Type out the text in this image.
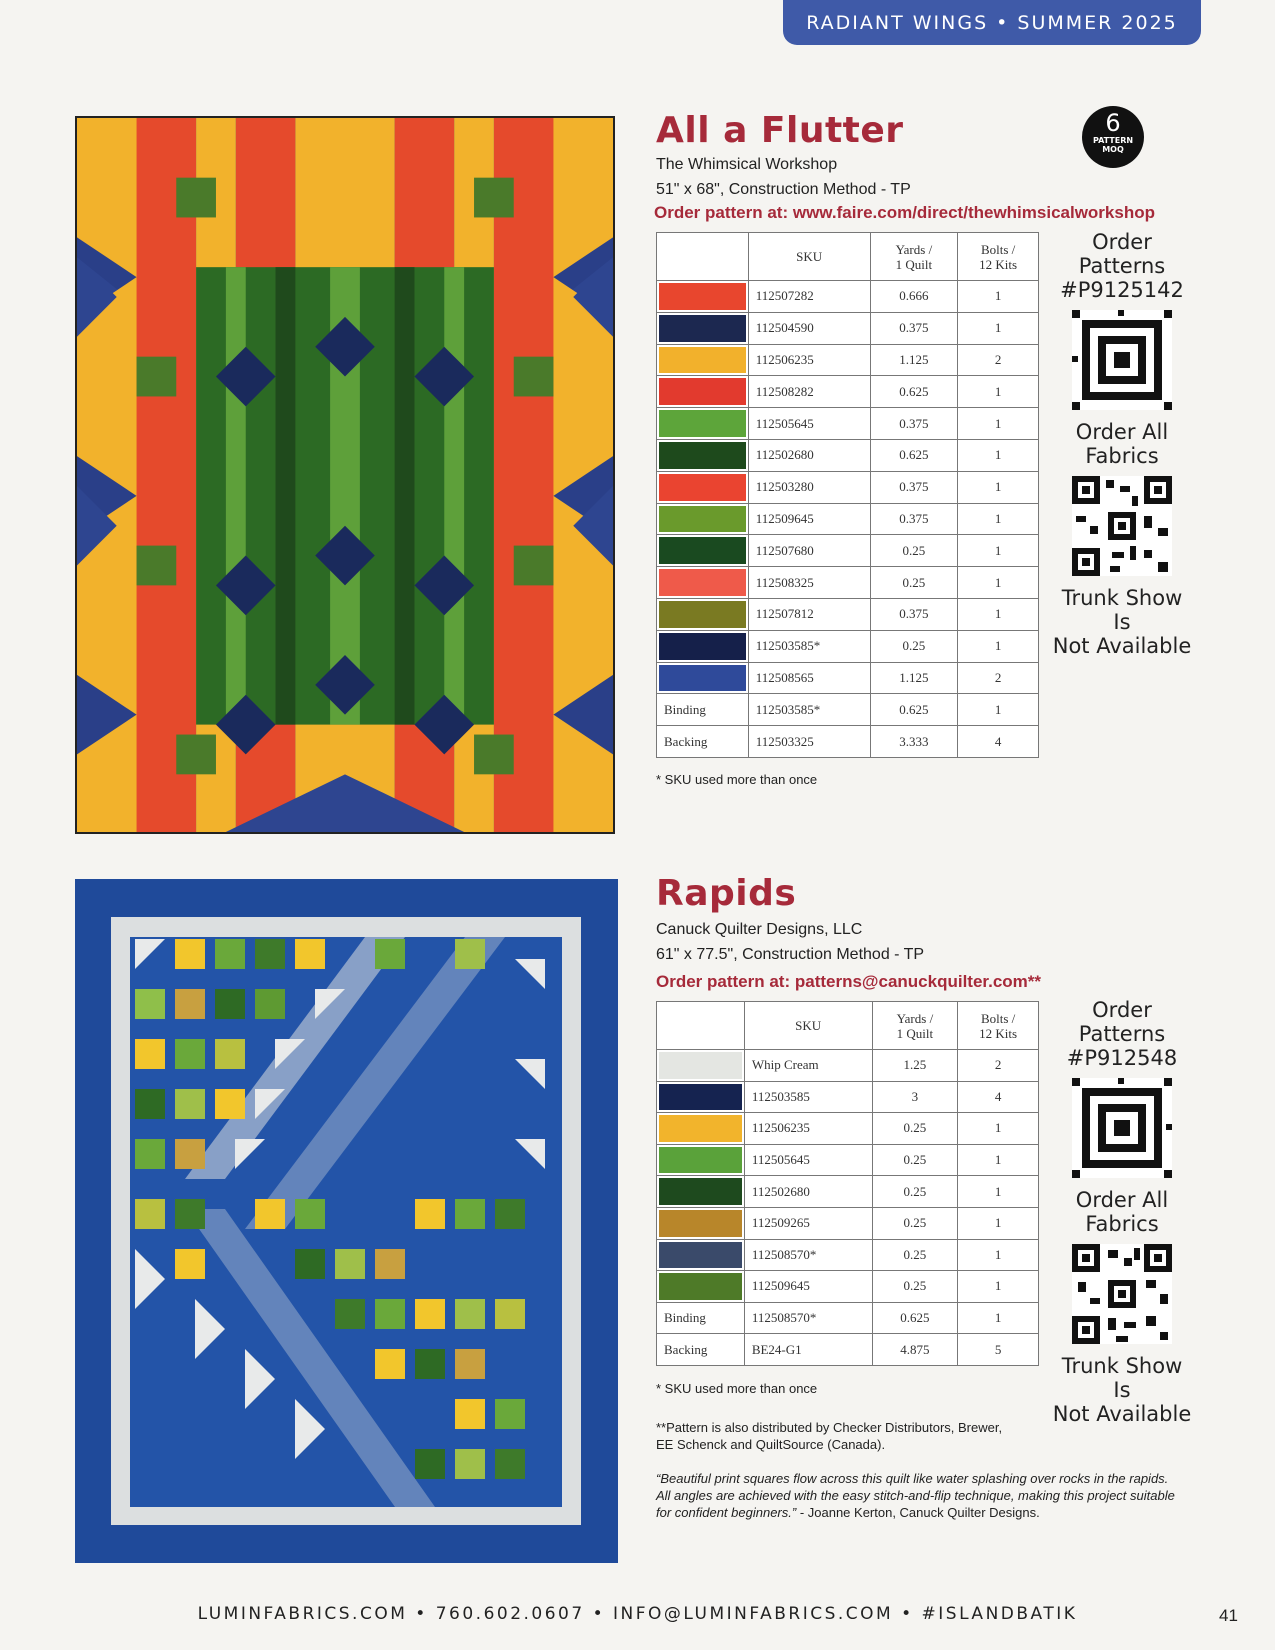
RADIANT WINGS • SUMMER 2025
All a Flutter	6
PATTERN
MOQ
The Whimsical Workshop
51" x 68", Construction Method - TP
Order pattern at: www.faire.com/direct/thewhimsicalworkshop
	SKU	Yards /
1 Quilt	Bolts /
12 Kits

	112507282	0.666	1

	112504590	0.375	1

	112506235	1.125	2

	112508282	0.625	1

	112505645	0.375	1

	112502680	0.625	1

	112503280	0.375	1

	112509645	0.375	1

	112507680	0.25	1

	112508325	0.25	1

	112507812	0.375	1

	112503585*	0.25	1

	112508565	1.125	2
Binding	112503585*	0.625	1
Backing	112503325	3.333	4
* SKU used more than once
Order Patterns
#P9125142
Order All
Fabrics
Trunk Show Is
Not Available
Rapids
Canuck Quilter Designs, LLC
61" x 77.5", Construction Method - TP
Order pattern at: patterns@canuckquilter.com**
	SKU	Yards /
1 Quilt	Bolts /
12 Kits

	Whip Cream	1.25	2

	112503585	3	4

	112506235	0.25	1

	112505645	0.25	1

	112502680	0.25	1

	112509265	0.25	1

	112508570*	0.25	1

	112509645	0.25	1
Binding	112508570*	0.625	1
Backing	BE24-G1	4.875	5
* SKU used more than once
Order Patterns
#P912548
Order All
Fabrics
Trunk Show Is
Not Available
**Pattern is also distributed by Checker Distributors, Brewer,
EE Schenck and QuiltSource (Canada).
“Beautiful print squares flow across this quilt like water splashing over rocks in the rapids.
All angles are achieved with the easy stitch-and-flip technique, making this project suitable
for confident beginners.” - Joanne Kerton, Canuck Quilter Designs.
LUMINFABRICS.COM • 760.602.0607 • INFO@LUMINFABRICS.COM • #ISLANDBATIK	41
